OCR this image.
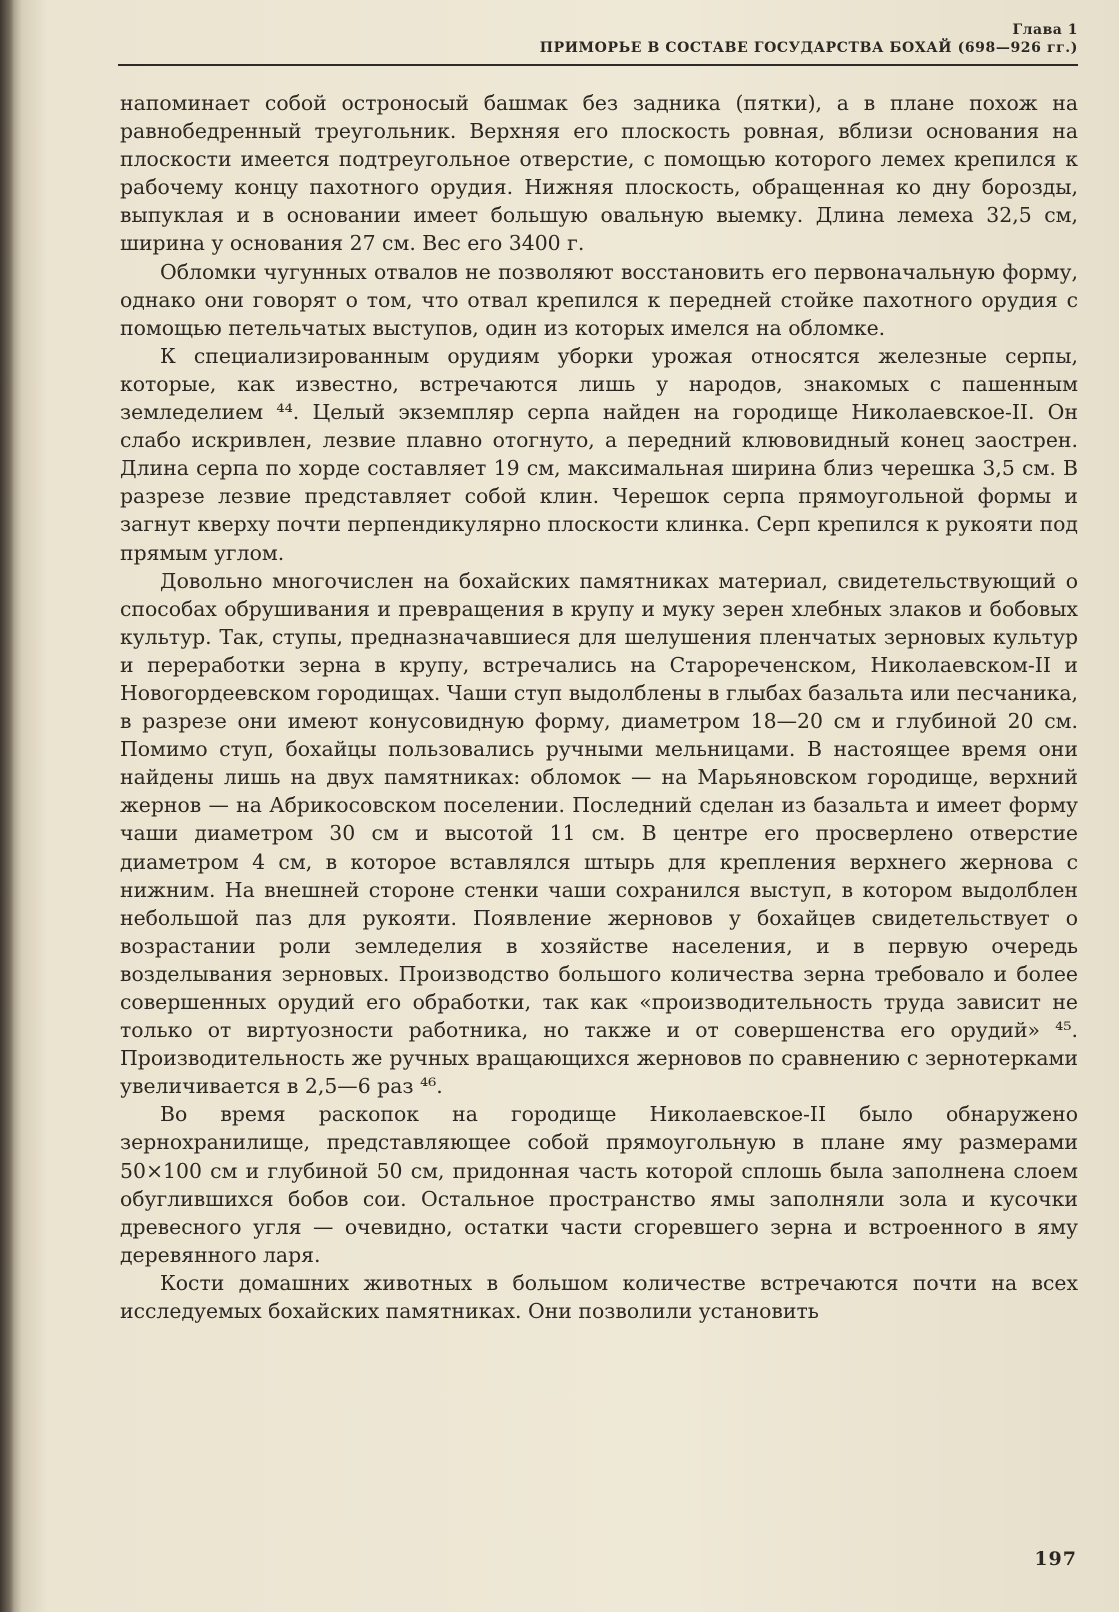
Глава 1
ПРИМОРЬЕ В СОСТАВЕ ГОСУДАРСТВА БОХАЙ (698—926 гг.)

напоминает собой остроносый башмак без задника (пятки), а в плане похож на равнобедренный треугольник. Верхняя его плоскость ровная, вблизи основания на плоскости имеется подтреугольное отверстие, с помощью которого лемех крепился к рабочему концу пахотного орудия. Нижняя плоскость, обращенная ко дну борозды, выпуклая и в основании имеет большую овальную выемку. Длина лемеха 32,5 см, ширина у основания 27 см. Вес его 3400 г.

Обломки чугунных отвалов не позволяют восстановить его первоначальную форму, однако они говорят о том, что отвал крепился к передней стойке пахотного орудия с помощью петельчатых выступов, один из которых имелся на обломке.

К специализированным орудиям уборки урожая относятся железные серпы, которые, как известно, встречаются лишь у народов, знакомых с пашенным земледелием ⁴⁴. Целый экземпляр серпа найден на городище Николаевское-II. Он слабо искривлен, лезвие плавно отогнуто, а передний клювовидный конец заострен. Длина серпа по хорде составляет 19 см, максимальная ширина близ черешка 3,5 см. В разрезе лезвие представляет собой клин. Черешок серпа прямоугольной формы и загнут кверху почти перпендикулярно плоскости клинка. Серп крепился к рукояти под прямым углом.

Довольно многочислен на бохайских памятниках материал, свидетельствующий о способах обрушивания и превращения в крупу и муку зерен хлебных злаков и бобовых культур. Так, ступы, предназначавшиеся для шелушения пленчатых зерновых культур и переработки зерна в крупу, встречались на Старореченском, Николаевском-II и Новогордеевском городищах. Чаши ступ выдолблены в глыбах базальта или песчаника, в разрезе они имеют конусовидную форму, диаметром 18—20 см и глубиной 20 см. Помимо ступ, бохайцы пользовались ручными мельницами. В настоящее время они найдены лишь на двух памятниках: обломок — на Марьяновском городище, верхний жернов — на Абрикосовском поселении. Последний сделан из базальта и имеет форму чаши диаметром 30 см и высотой 11 см. В центре его просверлено отверстие диаметром 4 см, в которое вставлялся штырь для крепления верхнего жернова с нижним. На внешней стороне стенки чаши сохранился выступ, в котором выдолблен небольшой паз для рукояти. Появление жерновов у бохайцев свидетельствует о возрастании роли земледелия в хозяйстве населения, и в первую очередь возделывания зерновых. Производство большого количества зерна требовало и более совершенных орудий его обработки, так как «производительность труда зависит не только от виртуозности работника, но также и от совершенства его орудий» ⁴⁵. Производительность же ручных вращающихся жерновов по сравнению с зернотерками увеличивается в 2,5—6 раз ⁴⁶.

Во время раскопок на городище Николаевское-II было обнаружено зернохранилище, представляющее собой прямоугольную в плане яму размерами 50×100 см и глубиной 50 см, придонная часть которой сплошь была заполнена слоем обуглившихся бобов сои. Остальное пространство ямы заполняли зола и кусочки древесного угля — очевидно, остатки части сгоревшего зерна и встроенного в яму деревянного ларя.

Кости домашних животных в большом количестве встречаются почти на всех исследуемых бохайских памятниках. Они позволили установить

197
